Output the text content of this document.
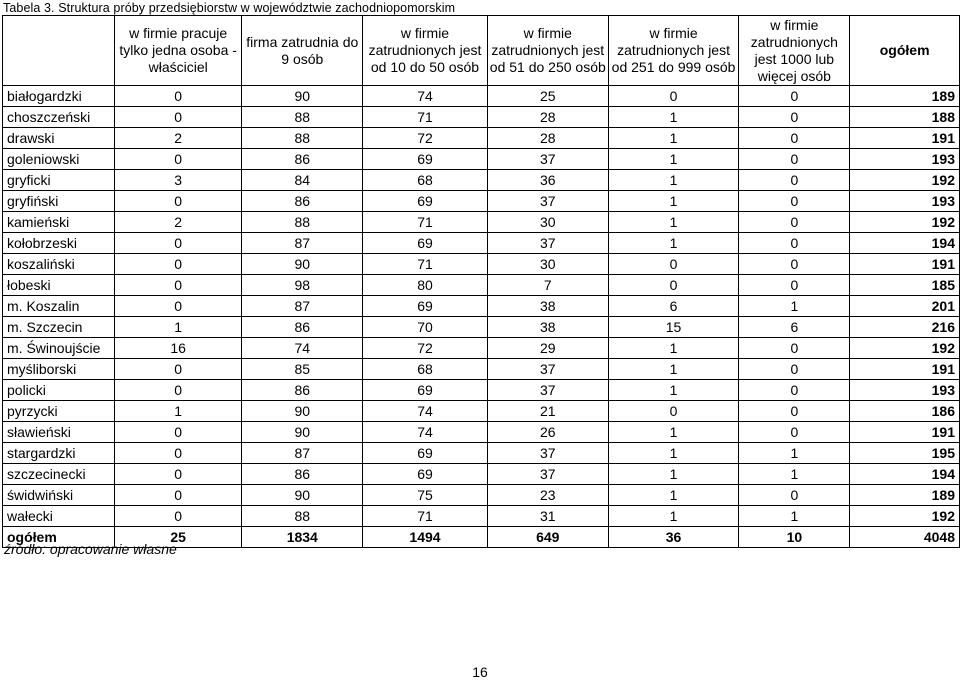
Tabela 3. Struktura próby przedsiębiorstw w województwie zachodniopomorskim
	w firmie pracuje tylko jedna osoba - właściciel	firma zatrudnia do 9 osób	w firmie zatrudnionych jest od 10 do 50 osób	w firmie zatrudnionych jest od 51 do 250 osób	w firmie zatrudnionych jest od 251 do 999 osób	w firmie zatrudnionych jest 1000 lub więcej osób	ogółem
białogardzki	0	90	74	25	0	0	189
choszczeński	0	88	71	28	1	0	188
drawski	2	88	72	28	1	0	191
goleniowski	0	86	69	37	1	0	193
gryficki	3	84	68	36	1	0	192
gryfiński	0	86	69	37	1	0	193
kamieński	2	88	71	30	1	0	192
kołobrzeski	0	87	69	37	1	0	194
koszaliński	0	90	71	30	0	0	191
łobeski	0	98	80	7	0	0	185
m. Koszalin	0	87	69	38	6	1	201
m. Szczecin	1	86	70	38	15	6	216
m. Świnoujście	16	74	72	29	1	0	192
myśliborski	0	85	68	37	1	0	191
policki	0	86	69	37	1	0	193
pyrzycki	1	90	74	21	0	0	186
sławieński	0	90	74	26	1	0	191
stargardzki	0	87	69	37	1	1	195
szczecinecki	0	86	69	37	1	1	194
świdwiński	0	90	75	23	1	0	189
wałecki	0	88	71	31	1	1	192
ogółem	25	1834	1494	649	36	10	4048
źródło: opracowanie własne
16
